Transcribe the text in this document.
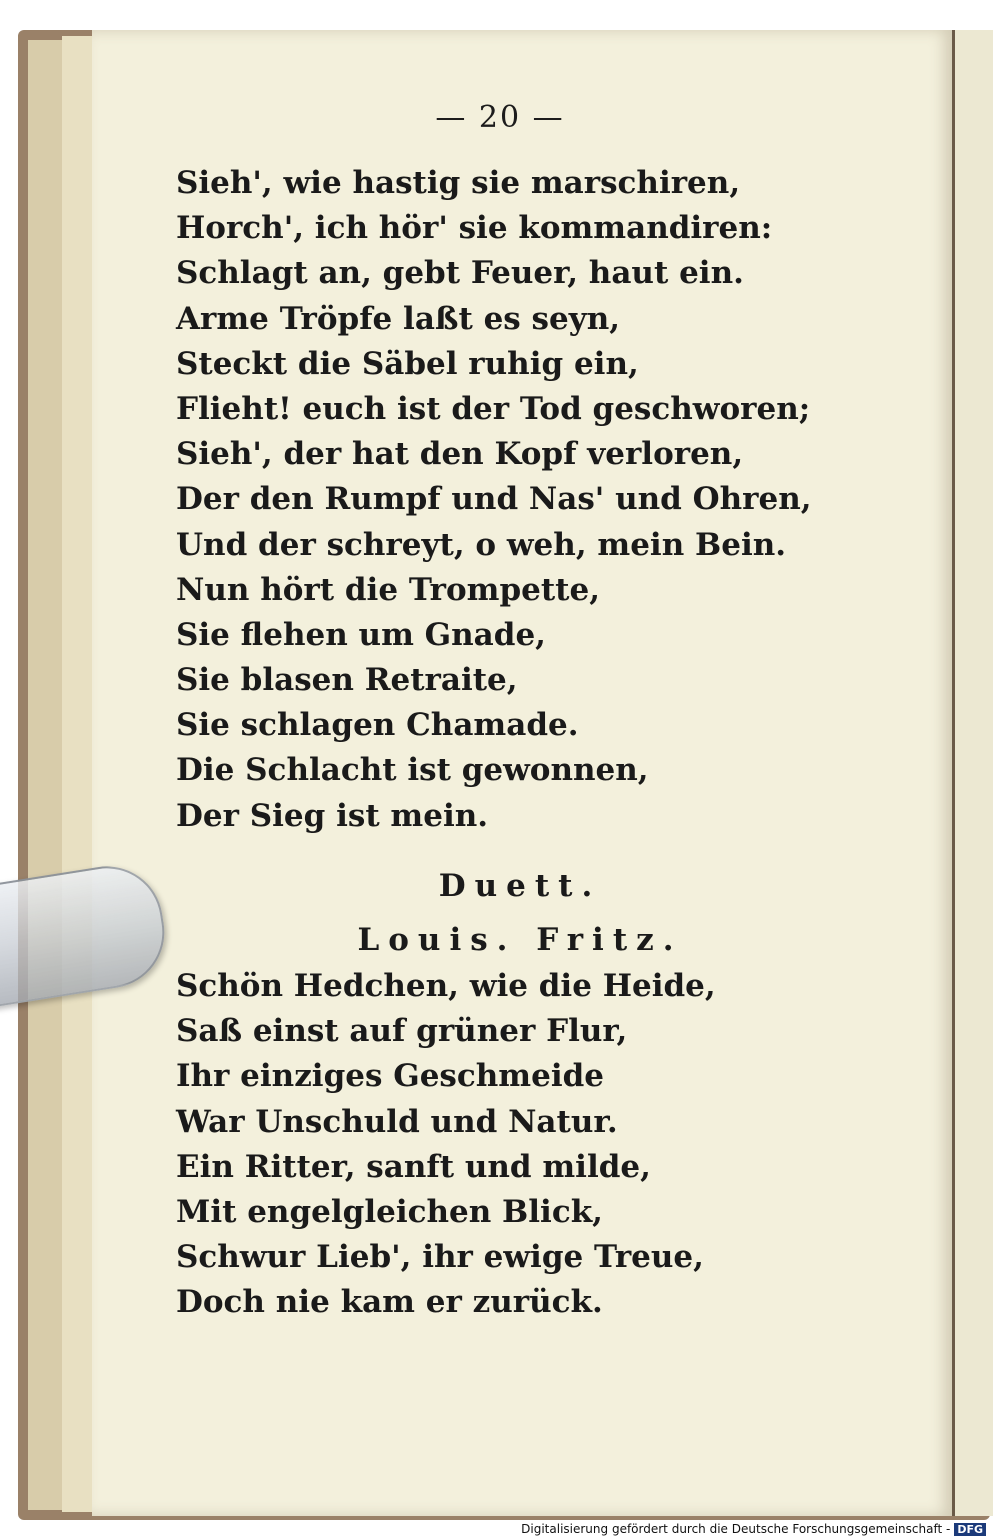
— 20 —
Sieh', wie hastig sie marschiren,
Horch', ich hör' sie kommandiren:
Schlagt an, gebt Feuer, haut ein.
Arme Tröpfe laßt es seyn,
Steckt die Säbel ruhig ein,
Flieht! euch ist der Tod geschworen;
Sieh', der hat den Kopf verloren,
Der den Rumpf und Nas' und Ohren,
Und der schreyt, o weh, mein Bein.
Nun hört die Trompette,
Sie flehen um Gnade,
Sie blasen Retraite,
Sie schlagen Chamade.
Die Schlacht ist gewonnen,
Der Sieg ist mein.
Duett.
Louis. Fritz.
Schön Hedchen, wie die Heide,
Saß einst auf grüner Flur,
Ihr einziges Geschmeide
War Unschuld und Natur.
Ein Ritter, sanft und milde,
Mit engelgleichen Blick,
Schwur Lieb', ihr ewige Treue,
Doch nie kam er zurück.
Digitalisierung gefördert durch die Deutsche Forschungsgemeinschaft - DFG
